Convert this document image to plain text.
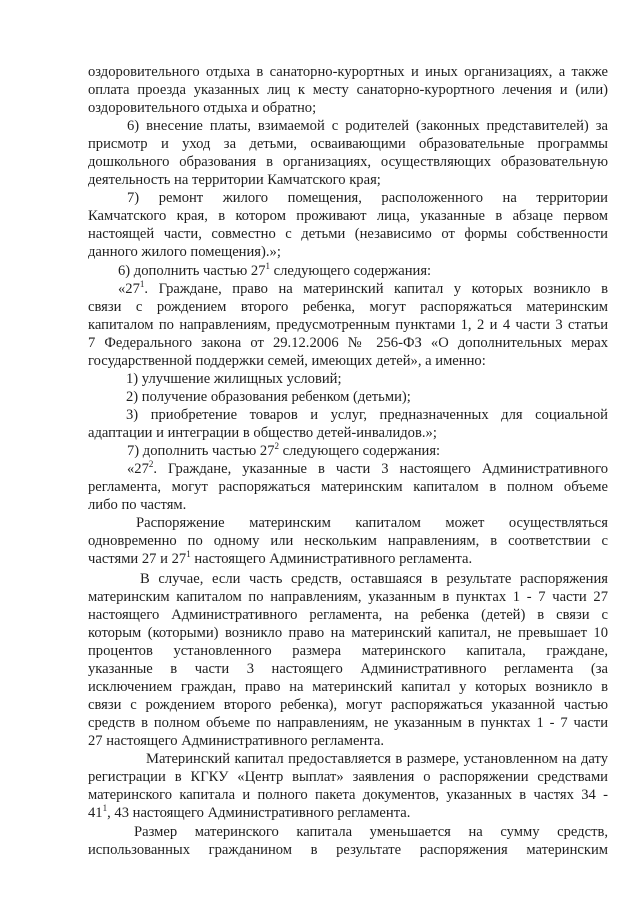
оздоровительного отдыха в санаторно-курортных и иных организациях, а также
оплата проезда указанных лиц к месту санаторно-курортного лечения и (или)
оздоровительного отдыха и обратно;
6) внесение платы, взимаемой с родителей (законных представителей) за
присмотр и уход за детьми, осваивающими образовательные программы
дошкольного образования в организациях, осуществляющих образовательную
деятельность на территории Камчатского края;
7) ремонт жилого помещения, расположенного на территории
Камчатского края, в котором проживают лица, указанные в абзаце первом
настоящей части, совместно с детьми (независимо от формы собственности
данного жилого помещения).»;
6) дополнить частью $27^1$ следующего содержания:
«$27^1$. Граждане, право на материнский капитал у которых возникло в
связи с рождением второго ребенка, могут распоряжаться материнским
капиталом по направлениям, предусмотренным пунктами 1, 2 и 4 части 3 статьи
7 Федерального закона от 29.12.2006 № 256-ФЗ «О дополнительных мерах
государственной поддержки семей, имеющих детей», а именно:
1) улучшение жилищных условий;
2) получение образования ребенком (детьми);
3) приобретение товаров и услуг, предназначенных для социальной
адаптации и интеграции в общество детей-инвалидов.»;
7) дополнить частью $27^2$ следующего содержания:
«$27^2$. Граждане, указанные в части 3 настоящего Административного
регламента, могут распоряжаться материнским капиталом в полном объеме
либо по частям.
Распоряжение материнским капиталом может осуществляться
одновременно по одному или нескольким направлениям, в соответствии с
частями 27 и $27^1$ настоящего Административного регламента.
В случае, если часть средств, оставшаяся в результате распоряжения
материнским капиталом по направлениям, указанным в пунктах 1 - 7 части 27
настоящего Административного регламента, на ребенка (детей) в связи с
которым (которыми) возникло право на материнский капитал, не превышает 10
процентов установленного размера материнского капитала, граждане,
указанные в части 3 настоящего Административного регламента (за
исключением граждан, право на материнский капитал у которых возникло в
связи с рождением второго ребенка), могут распоряжаться указанной частью
средств в полном объеме по направлениям, не указанным в пунктах 1 - 7 части
27 настоящего Административного регламента.
Материнский капитал предоставляется в размере, установленном на дату
регистрации в КГКУ «Центр выплат» заявления о распоряжении средствами
материнского капитала и полного пакета документов, указанных в частях 34 -
$41^1$, 43 настоящего Административного регламента.
Размер материнского капитала уменьшается на сумму средств,
использованных гражданином в результате распоряжения материнским
